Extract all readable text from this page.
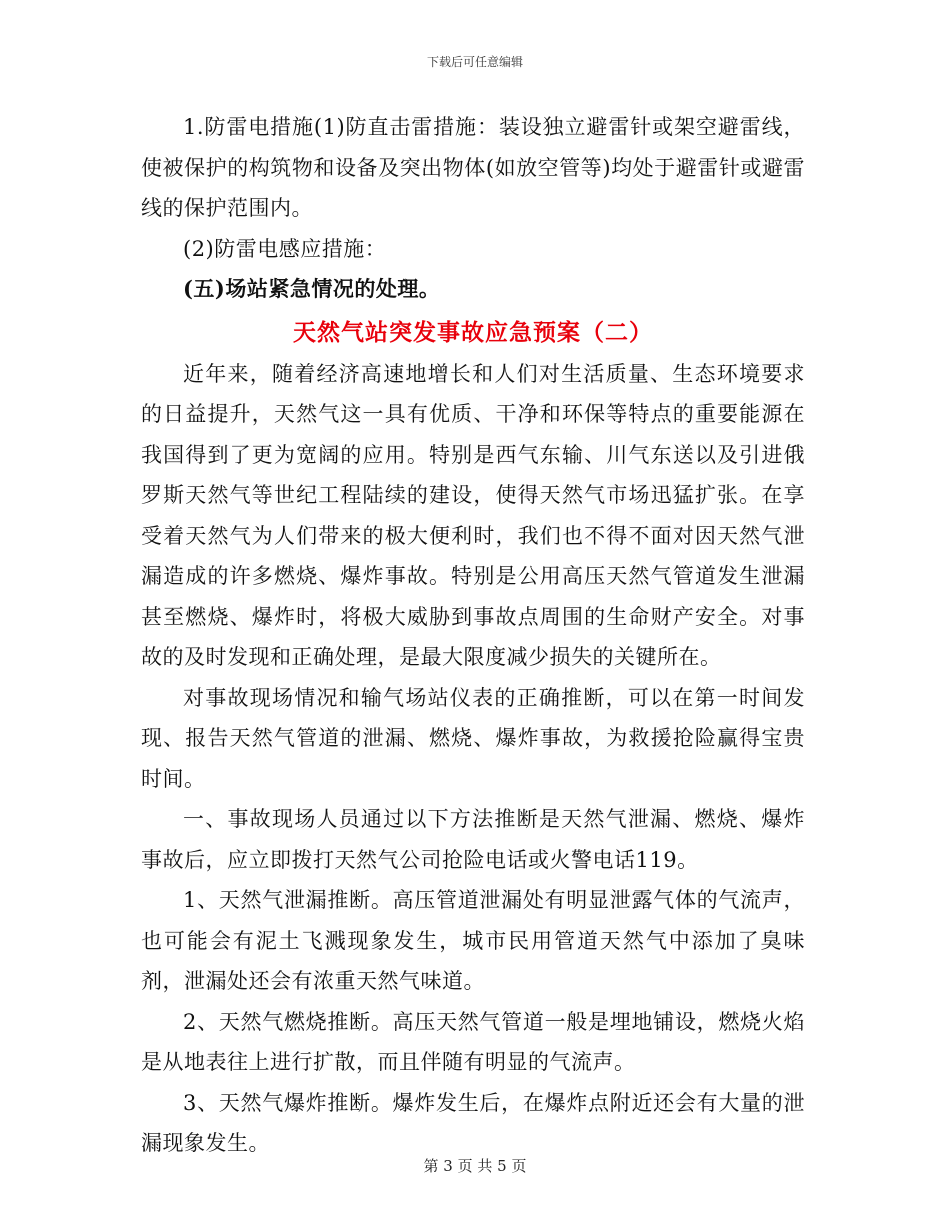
下载后可任意编辑

1.防雷电措施(1)防直击雷措施：装设独立避雷针或架空避雷线，使被保护的构筑物和设备及突出物体(如放空管等)均处于避雷针或避雷线的保护范围内。

(2)防雷电感应措施：

(五)场站紧急情况的处理。

天然气站突发事故应急预案（二）

近年来，随着经济高速地增长和人们对生活质量、生态环境要求的日益提升，天然气这一具有优质、干净和环保等特点的重要能源在我国得到了更为宽阔的应用。特别是西气东输、川气东送以及引进俄罗斯天然气等世纪工程陆续的建设，使得天然气市场迅猛扩张。在享受着天然气为人们带来的极大便利时，我们也不得不面对因天然气泄漏造成的许多燃烧、爆炸事故。特别是公用高压天然气管道发生泄漏甚至燃烧、爆炸时，将极大威胁到事故点周围的生命财产安全。对事故的及时发现和正确处理，是最大限度减少损失的关键所在。

对事故现场情况和输气场站仪表的正确推断，可以在第一时间发现、报告天然气管道的泄漏、燃烧、爆炸事故，为救援抢险赢得宝贵时间。

一、事故现场人员通过以下方法推断是天然气泄漏、燃烧、爆炸事故后，应立即拨打天然气公司抢险电话或火警电话119。

1、天然气泄漏推断。高压管道泄漏处有明显泄露气体的气流声，也可能会有泥土飞溅现象发生，城市民用管道天然气中添加了臭味剂，泄漏处还会有浓重天然气味道。

2、天然气燃烧推断。高压天然气管道一般是埋地铺设，燃烧火焰是从地表往上进行扩散，而且伴随有明显的气流声。

3、天然气爆炸推断。爆炸发生后，在爆炸点附近还会有大量的泄漏现象发生。

第 3 页 共 5 页
